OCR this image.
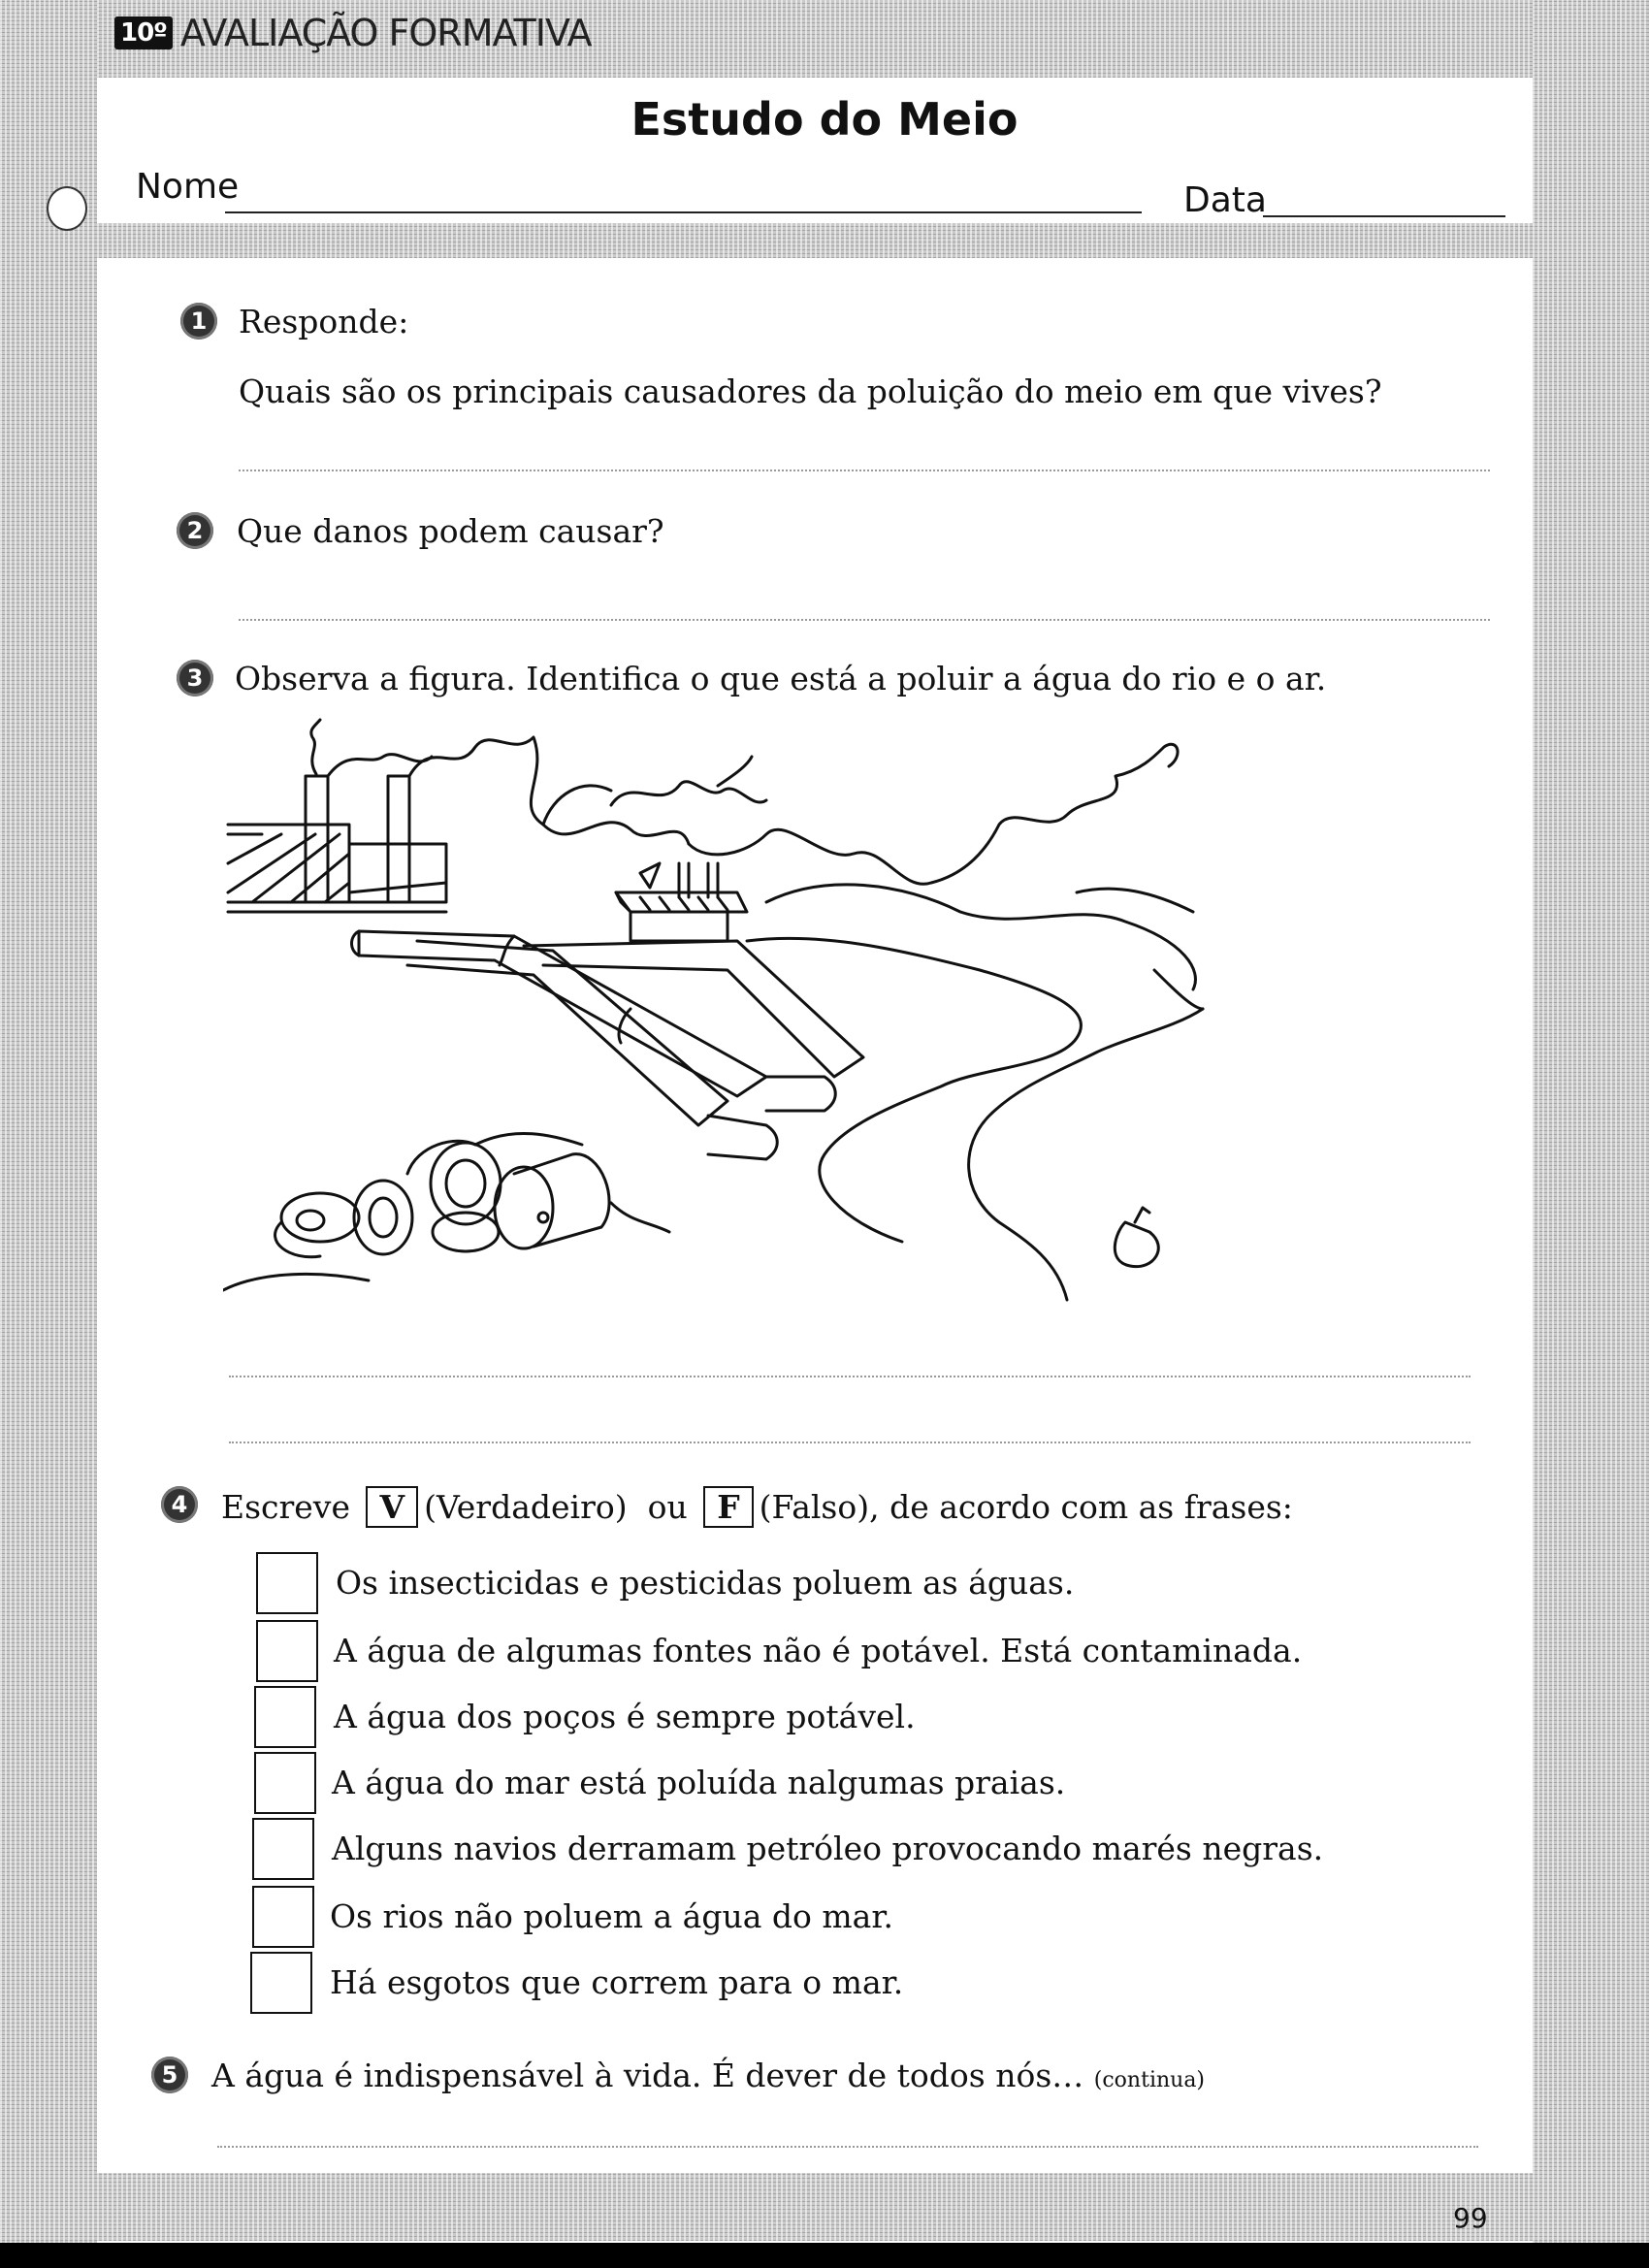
10º AVALIAÇÃO FORMATIVA
Estudo do Meio
Nome	Data
1 Responde:
Quais são os principais causadores da poluição do meio em que vives?
2	Que danos podem causar?
3 Observa a figura. Identifica o que está a poluir a água do rio e o ar.
4	Escreve V (Verdadeiro) ou F (Falso), de acordo com as frases:
Os insecticidas e pesticidas poluem as águas.
A água de algumas fontes não é potável. Está contaminada.
A água dos poços é sempre potável.
A água do mar está poluída nalgumas praias.
Alguns navios derramam petróleo provocando marés negras.
Os rios não poluem a água do mar.
Há esgotos que correm para o mar.
5	A água é indispensável à vida. É dever de todos nós… (continua)
99
